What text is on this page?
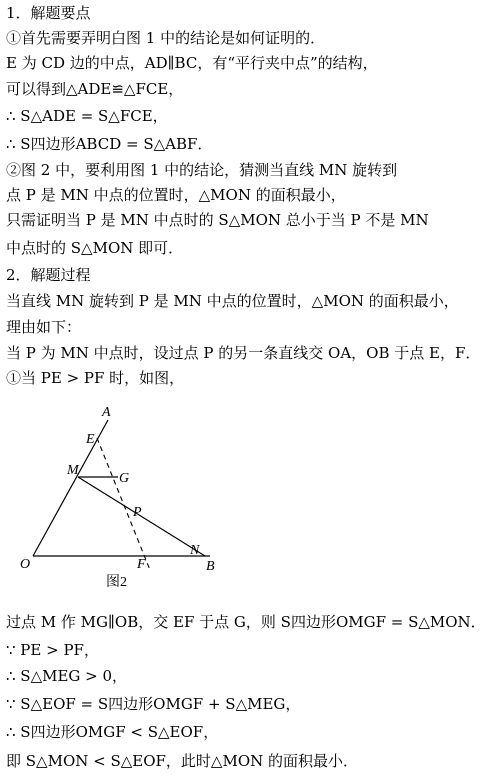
1．解题要点
①首先需要弄明白图 1 中的结论是如何证明的．
E 为 CD 边的中点，AD∥BC，有“平行夹中点”的结构，
可以得到△ADE≌△FCE，
∴ S△ADE = S△FCE，
∴ S四边形ABCD = S△ABF．
②图 2 中，要利用图 1 中的结论，猜测当直线 MN 旋转到
点 P 是 MN 中点的位置时，△MON 的面积最小，
只需证明当 P 是 MN 中点时的 S△MON 总小于当 P 不是 MN
中点时的 S△MON 即可．
2．解题过程
当直线 MN 旋转到 P 是 MN 中点的位置时，△MON 的面积最小，
理由如下：
当 P 为 MN 中点时，设过点 P 的另一条直线交 OA，OB 于点 E，F．
①当 PE > PF 时，如图，
A
E
M
G
P
N
O	F	B
图2
过点 M 作 MG∥OB，交 EF 于点 G，则 S四边形OMGF = S△MON．
∵ PE > PF，
∴ S△MEG > 0，
∵ S△EOF = S四边形OMGF + S△MEG，
∴ S四边形OMGF < S△EOF，
即 S△MON < S△EOF，此时△MON 的面积最小．
